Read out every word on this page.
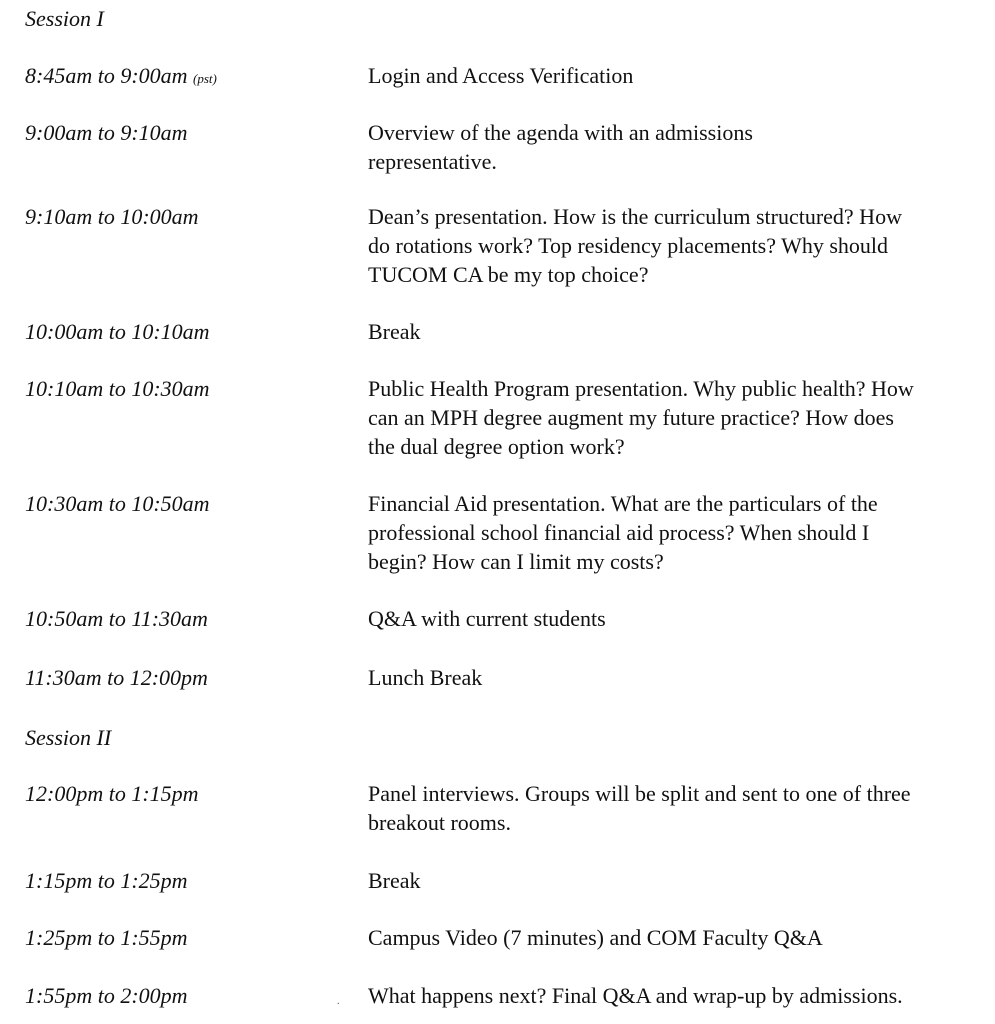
Session I
8:45am to 9:00am (pst)	Login and Access Verification
9:00am to 9:10am	Overview of the agenda with an admissions
representative.
9:10am to 10:00am	Dean’s presentation. How is the curriculum structured? How
do rotations work? Top residency placements? Why should
TUCOM CA be my top choice?
10:00am to 10:10am	Break
10:10am to 10:30am	Public Health Program presentation. Why public health? How
can an MPH degree augment my future practice? How does
the dual degree option work?
10:30am to 10:50am	Financial Aid presentation. What are the particulars of the
professional school financial aid process? When should I
begin? How can I limit my costs?
10:50am to 11:30am	Q&A with current students
11:30am to 12:00pm	Lunch Break
Session II
12:00pm to 1:15pm	Panel interviews. Groups will be split and sent to one of three
breakout rooms.
1:15pm to 1:25pm	Break
1:25pm to 1:55pm	Campus Video (7 minutes) and COM Faculty Q&A
1:55pm to 2:00pm	What happens next? Final Q&A and wrap-up by admissions.
.
